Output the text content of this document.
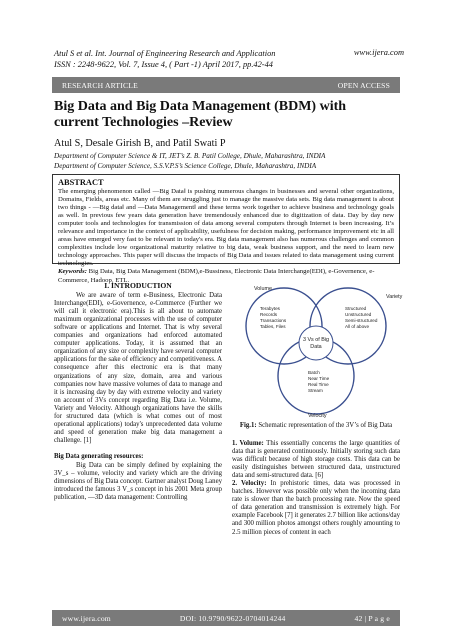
Atul S et al. Int. Journal of Engineering Research and Application
ISSN : 2248-9622, Vol. 7, Issue 4, ( Part -1) April 2017, pp.42-44
www.ijera.com
RESEARCH ARTICLE	OPEN ACCESS
Big Data and Big Data Management (BDM) with current Technologies –Review
Atul S, Desale Girish B, and Patil Swati P
Department of Computer Science & IT, JET’s Z. B. Patil College, Dhule, Maharashtra, INDIA
Department of Computer Science, S.S.V.P.S’s Science College, Dhule, Maharashtra, INDIA
ABSTRACT
The emerging phenomenon called ―Big Data‖ is pushing numerous changes in businesses and several other organizations, Domains, Fields, areas etc. Many of them are struggling just to manage the massive data sets. Big data management is about two things - ―Big data‖ and ―Data Management‖ and these terms work together to achieve business and technology goals as well. In previous few years data generation have tremendously enhanced due to digitization of data. Day by day new computer tools and technologies for transmission of data among several computers through Internet is been increasing. It’s relevance and importance in the context of applicability, usefulness for decision making, performance improvement etc in all areas have emerged very fast to be relevant in today's era. Big data management also has numerous challenges and common complexities include low organizational maturity relative to big data, weak business support, and the need to learn new technology approaches. This paper will discuss the impacts of Big Data and issues related to data management using current technologies.
Keywords: Big Data, Big Data Management (BDM),e-Bussiness, Electronic Data Interchange(EDI), e-Governence, e-Commerce, Hadoop, ETL.
I. INTRODUCTION

We are aware of term e-Business, Electronic Data Interchange(EDI), e-Governence, e-Commerce (Further we will call it electronic era).This is all about to automate maximum organizational processes with the use of computer software or applications and Internet. That is why several companies and organizations had enforced automated computer applications. Today, it is assumed that an organization of any size or complexity have several computer applications for the sake of efficiency and competitiveness. A consequence after this electronic era is that many organizations of any size, domain, area and various companies now have massive volumes of data to manage and it is increasing day by day with extreme velocity and variety on account of 3Vs concept regarding Big Data i.e. Volume, Variety and Velocity. Although organizations have the skills for structured data (which is what comes out of most operational applications) today's unprecedented data volume and speed of generation make big data management a challenge. [1]

Big Data generating resources:

Big Data can be simply defined by explaining the 3V_s – volume, velocity and variety which are the driving dimensions of Big Data concept. Gartner analyst Doug Laney introduced the famous 3 V_s concept in his 2001 Meta group publication, ―3D data management: Controlling

Volume
Variety
Terabytes
Records
Transactions
Tables, Files
Structured
Unstructured
Semi-structured
All of above
3 Vs of Big
Data
Batch
Near Time
Real Time
Stream
Velocity
Fig.1: Schematic representation of the 3V’s of Big Data

1. Volume: This essentially concerns the large quantities of data that is generated continuously. Initially storing such data was difficult because of high storage costs. This data can be easily distinguishes between structured data, unstructured data and semi-structured data. [6]

2. Velocity: In prehistoric times, data was processed in batches. However was possible only when the incoming data rate is slower than the batch processing rate. Now the speed of data generation and transmission is extremely high. For example Facebook [7] it generates 2.7 billion like actions/day and 300 million photos amongst others roughly amounting to 2.5 million pieces of content in each

www.ijera.com	DOI: 10.9790/9622-0704014244	42 | P a g e
